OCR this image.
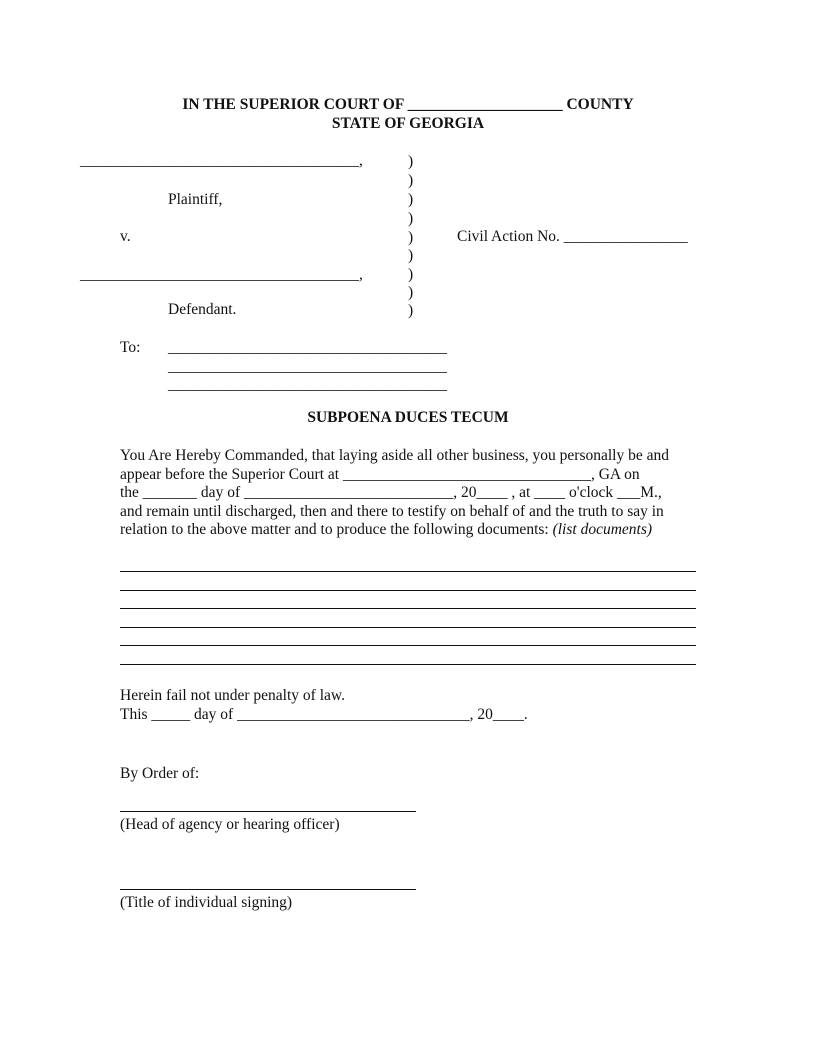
IN THE SUPERIOR COURT OF ____________________ COUNTY
STATE OF GEORGIA
____________________________________,
Plaintiff,
v.	Civil Action No. ________________
____________________________________,
Defendant.
)
)
)
)
)
)
)
)
)
To: ____________________________________
____________________________________
____________________________________
SUBPOENA DUCES TECUM
You Are Hereby Commanded, that laying aside all other business, you personally be and
appear before the Superior Court at ________________________________, GA on
the _______ day of ___________________________, 20____ , at ____ o'clock ___M.,
and remain until discharged, then and there to testify on behalf of and the truth to say in
relation to the above matter and to produce the following documents: (list documents)
Herein fail not under penalty of law.
This _____ day of ______________________________, 20____.
By Order of:
(Head of agency or hearing officer)
(Title of individual signing)
